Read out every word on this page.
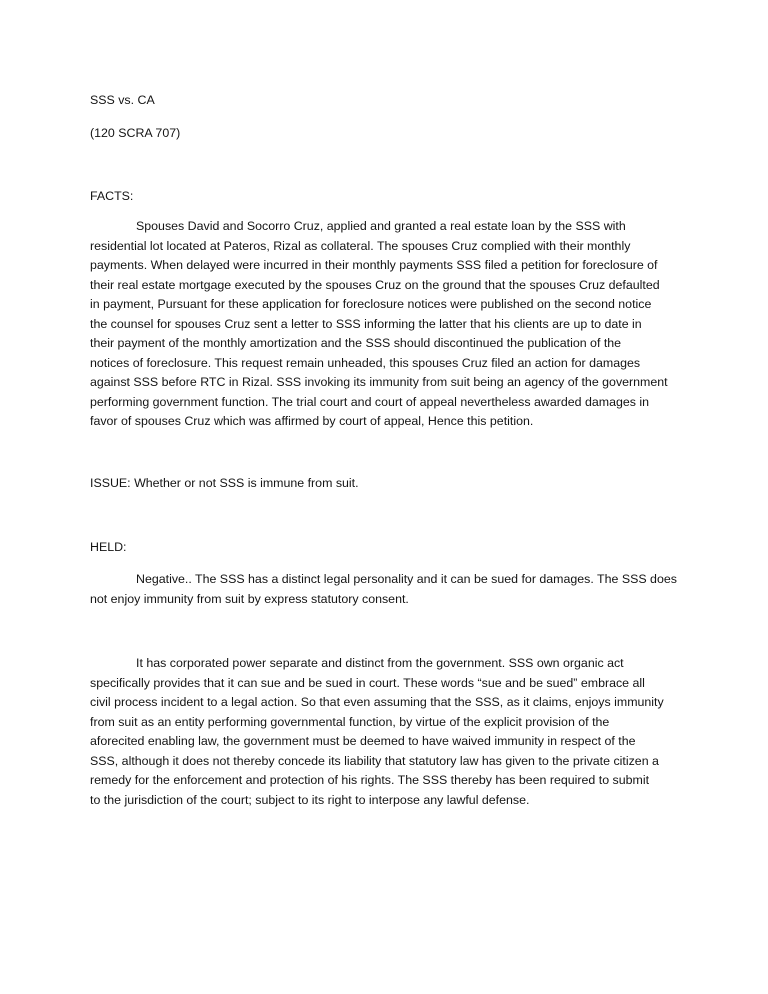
SSS vs. CA
(120 SCRA 707)
FACTS:
Spouses David and Socorro Cruz, applied and granted a real estate loan by the SSS with
residential lot located at Pateros, Rizal as collateral. The spouses Cruz complied with their monthly
payments. When delayed were incurred in their monthly payments SSS filed a petition for foreclosure of
their real estate mortgage executed by the spouses Cruz on the ground that the spouses Cruz defaulted
in payment, Pursuant for these application for foreclosure notices were published on the second notice
the counsel for spouses Cruz sent a letter to SSS informing the latter that his clients are up to date in
their payment of the monthly amortization and the SSS should discontinued the publication of the
notices of foreclosure. This request remain unheaded, this spouses Cruz filed an action for damages
against SSS before RTC in Rizal. SSS invoking its immunity from suit being an agency of the government
performing government function. The trial court and court of appeal nevertheless awarded damages in
favor of spouses Cruz which was affirmed by court of appeal, Hence this petition.
ISSUE: Whether or not SSS is immune from suit.
HELD:
Negative.. The SSS has a distinct legal personality and it can be sued for damages. The SSS does
not enjoy immunity from suit by express statutory consent.
It has corporated power separate and distinct from the government. SSS own organic act
specifically provides that it can sue and be sued in court. These words “sue and be sued” embrace all
civil process incident to a legal action. So that even assuming that the SSS, as it claims, enjoys immunity
from suit as an entity performing governmental function, by virtue of the explicit provision of the
aforecited enabling law, the government must be deemed to have waived immunity in respect of the
SSS, although it does not thereby concede its liability that statutory law has given to the private citizen a
remedy for the enforcement and protection of his rights. The SSS thereby has been required to submit
to the jurisdiction of the court; subject to its right to interpose any lawful defense.
